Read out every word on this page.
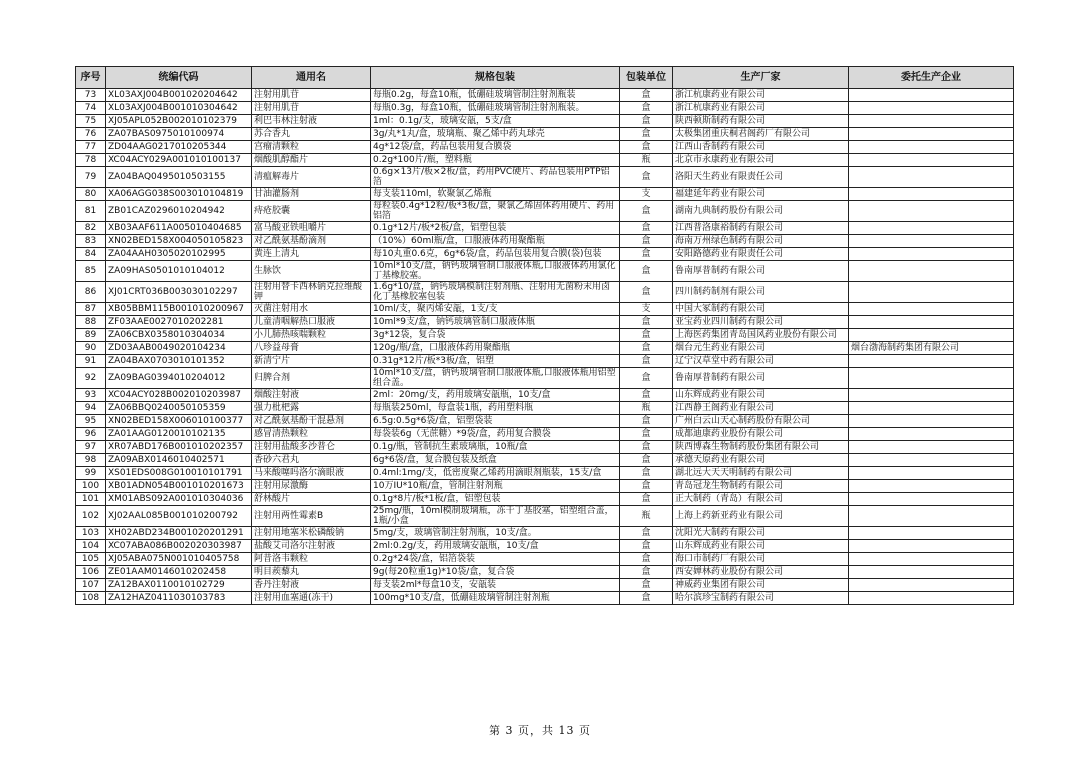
序号	统编代码	通用名	规格包装	包装单位	生产厂家	委托生产企业
73	XL03AXJ004B001020204642	注射用肌苷	每瓶0.2g，每盒10瓶，低硼硅玻璃管制注射剂瓶装	盒	浙江杭康药业有限公司	
74	XL03AXJ004B001010304642	注射用肌苷	每瓶0.3g，每盒10瓶，低硼硅玻璃管制注射剂瓶装。	盒	浙江杭康药业有限公司	
75	XJ05APL052B002010102379	利巴韦林注射液	1ml：0.1g/支，玻璃安瓿，5支/盒	盒	陕西顿斯制药有限公司	
76	ZA07BAS0975010100974	苏合香丸	3g/丸*1丸/盒，玻璃瓶、聚乙烯中药丸球壳	盒	太极集团重庆桐君阁药厂有限公司	
77	ZD04AAG0217010205344	宫瘤清颗粒	4g*12袋/盒，药品包装用复合膜袋	盒	江西山香制药有限公司	
78	XC04ACY029A001010100137	烟酸肌醇酯片	0.2g*100片/瓶，塑料瓶	瓶	北京市永康药业有限公司	
79	ZA04BAQ0495010503155	清瘟解毒片	0.6g×13片/板×2板/盒，药用PVC硬片、药品包装用PTP铝箔	盒	洛阳天生药业有限责任公司	
80	XA06AGG038S003010104819	甘油灌肠剂	每支装110ml，软聚氯乙烯瓶	支	福建延年药业有限公司	
81	ZB01CAZ0296010204942	痔疮胶囊	每粒装0.4g*12粒/板*3板/盒，聚氯乙烯固体药用硬片、药用铝箔	盒	湖南九典制药股份有限公司	
82	XB03AAF611A005010404685	富马酸亚铁咀嚼片	0.1g*12片/板*2板/盒，铝塑包装	盒	江西普洛康裕制药有限公司	
83	XN02BED158X004050105823	对乙酰氨基酚滴剂	（10%）60ml瓶/盒，口服液体药用聚酯瓶	盒	海南万州绿色制药有限公司	
84	ZA04AAH0305020102995	黄连上清丸	每10丸重0.6克，6g*6袋/盒，药品包装用复合膜(袋)包装	盒	安阳路德药业有限责任公司	
85	ZA09HAS0501010104012	生脉饮	10ml*10支/盒，钠钙玻璃管制口服液体瓶,口服液体药用氯化丁基橡胶塞。	盒	鲁南厚普制药有限公司	
86	XJ01CRT036B003030102297	注射用替卡西林钠克拉维酸钾	1.6g*10/盒，钠钙玻璃模制注射剂瓶、注射用无菌粉末用卤化丁基橡胶塞包装	盒	四川制药制剂有限公司	
87	XB05BBM115B001010200967	灭菌注射用水	10ml/支，聚丙烯安瓿，1支/支	支	中国大冢制药有限公司	
88	ZF03AAE0027010202281	儿童清咽解热口服液	10ml*9支/盒，钠钙玻璃管制口服液体瓶	盒	亚宝药业四川制药有限公司	
89	ZA06CBX0358010304034	小儿肺热咳喘颗粒	3g*12袋，复合袋	盒	上海医药集团青岛国风药业股份有限公司	
90	ZD03AAB0049020104234	八珍益母膏	120g/瓶/盒，口服液体药用聚酯瓶	盒	烟台元生药业有限公司	烟台渤海制药集团有限公司
91	ZA04BAX0703010101352	新清宁片	0.31g*12片/板*3板/盒，铝塑	盒	辽宁汉草堂中药有限公司	
92	ZA09BAG0394010204012	归脾合剂	10ml*10支/盒，钠钙玻璃管制口服液体瓶,口服液体瓶用铝塑组合盖。	盒	鲁南厚普制药有限公司	
93	XC04ACY028B002010203987	烟酸注射液	2ml：20mg/支，药用玻璃安瓿瓶，10支/盒	盒	山东辉成药业有限公司	
94	ZA06BBQ0240050105359	强力枇杷露	每瓶装250ml，每盒装1瓶，药用塑料瓶	瓶	江西静王阁药业有限公司	
95	XN02BED158X006010100377	对乙酰氨基酚干混悬剂	6.5g:0.5g*6袋/盒，铝塑袋装	盒	广州白云山天心制药股份有限公司	
96	ZA01AAG0120010102135	感冒清热颗粒	每袋装6g（无蔗糖）*9袋/盒，药用复合膜袋	盒	成都迪康药业股份有限公司	
97	XR07ABD176B001010202357	注射用盐酸多沙普仑	0.1g/瓶，管制抗生素玻璃瓶，10瓶/盒	盒	陕西博森生物制药股份集团有限公司	
98	ZA09ABX0146010402571	香砂六君丸	6g*6袋/盒，复合膜包装及纸盒	盒	承德天原药业有限公司	
99	XS01EDS008G010010101791	马来酸噻吗洛尔滴眼液	0.4ml:1mg/支，低密度聚乙烯药用滴眼剂瓶装，15支/盒	盒	湖北远大天天明制药有限公司	
100	XB01ADN054B001010201673	注射用尿激酶	10万IU*10瓶/盒，管制注射剂瓶	盒	青岛冠龙生物制药有限公司	
101	XM01ABS092A001010304036	舒林酸片	0.1g*8片/板*1板/盒，铝塑包装	盒	正大制药（青岛）有限公司	
102	XJ02AAL085B001010200792	注射用两性霉素B	25mg/瓶，10ml模制玻璃瓶，冻干丁基胶塞，铝塑组合盖，1瓶/小盒	瓶	上海上药新亚药业有限公司	
103	XH02ABD234B001020201291	注射用地塞米松磷酸钠	5mg/支，玻璃管制注射剂瓶，10支/盒。	盒	沈阳光大制药有限公司	
104	XC07ABA086B002020303987	盐酸艾司洛尔注射液	2ml:0.2g/支，药用玻璃安瓿瓶，10支/盒	盒	山东辉成药业有限公司	
105	XJ05ABA075N001010405758	阿昔洛韦颗粒	0.2g*24袋/盒，铝箔袋装	盒	海口市制药厂有限公司	
106	ZE01AAM0146010202458	明目蒺藜丸	9g(每20粒重1g)*10袋/盒，复合袋	盒	西安婵林药业股份有限公司	
107	ZA12BAX0110010102729	香丹注射液	每支装2ml*每盒10支，安瓿装	盒	神威药业集团有限公司	
108	ZA12HAZ0411030103783	注射用血塞通(冻干)	100mg*10支/盒，低硼硅玻璃管制注射剂瓶	盒	哈尔滨珍宝制药有限公司	
第 3 页，共 13 页
